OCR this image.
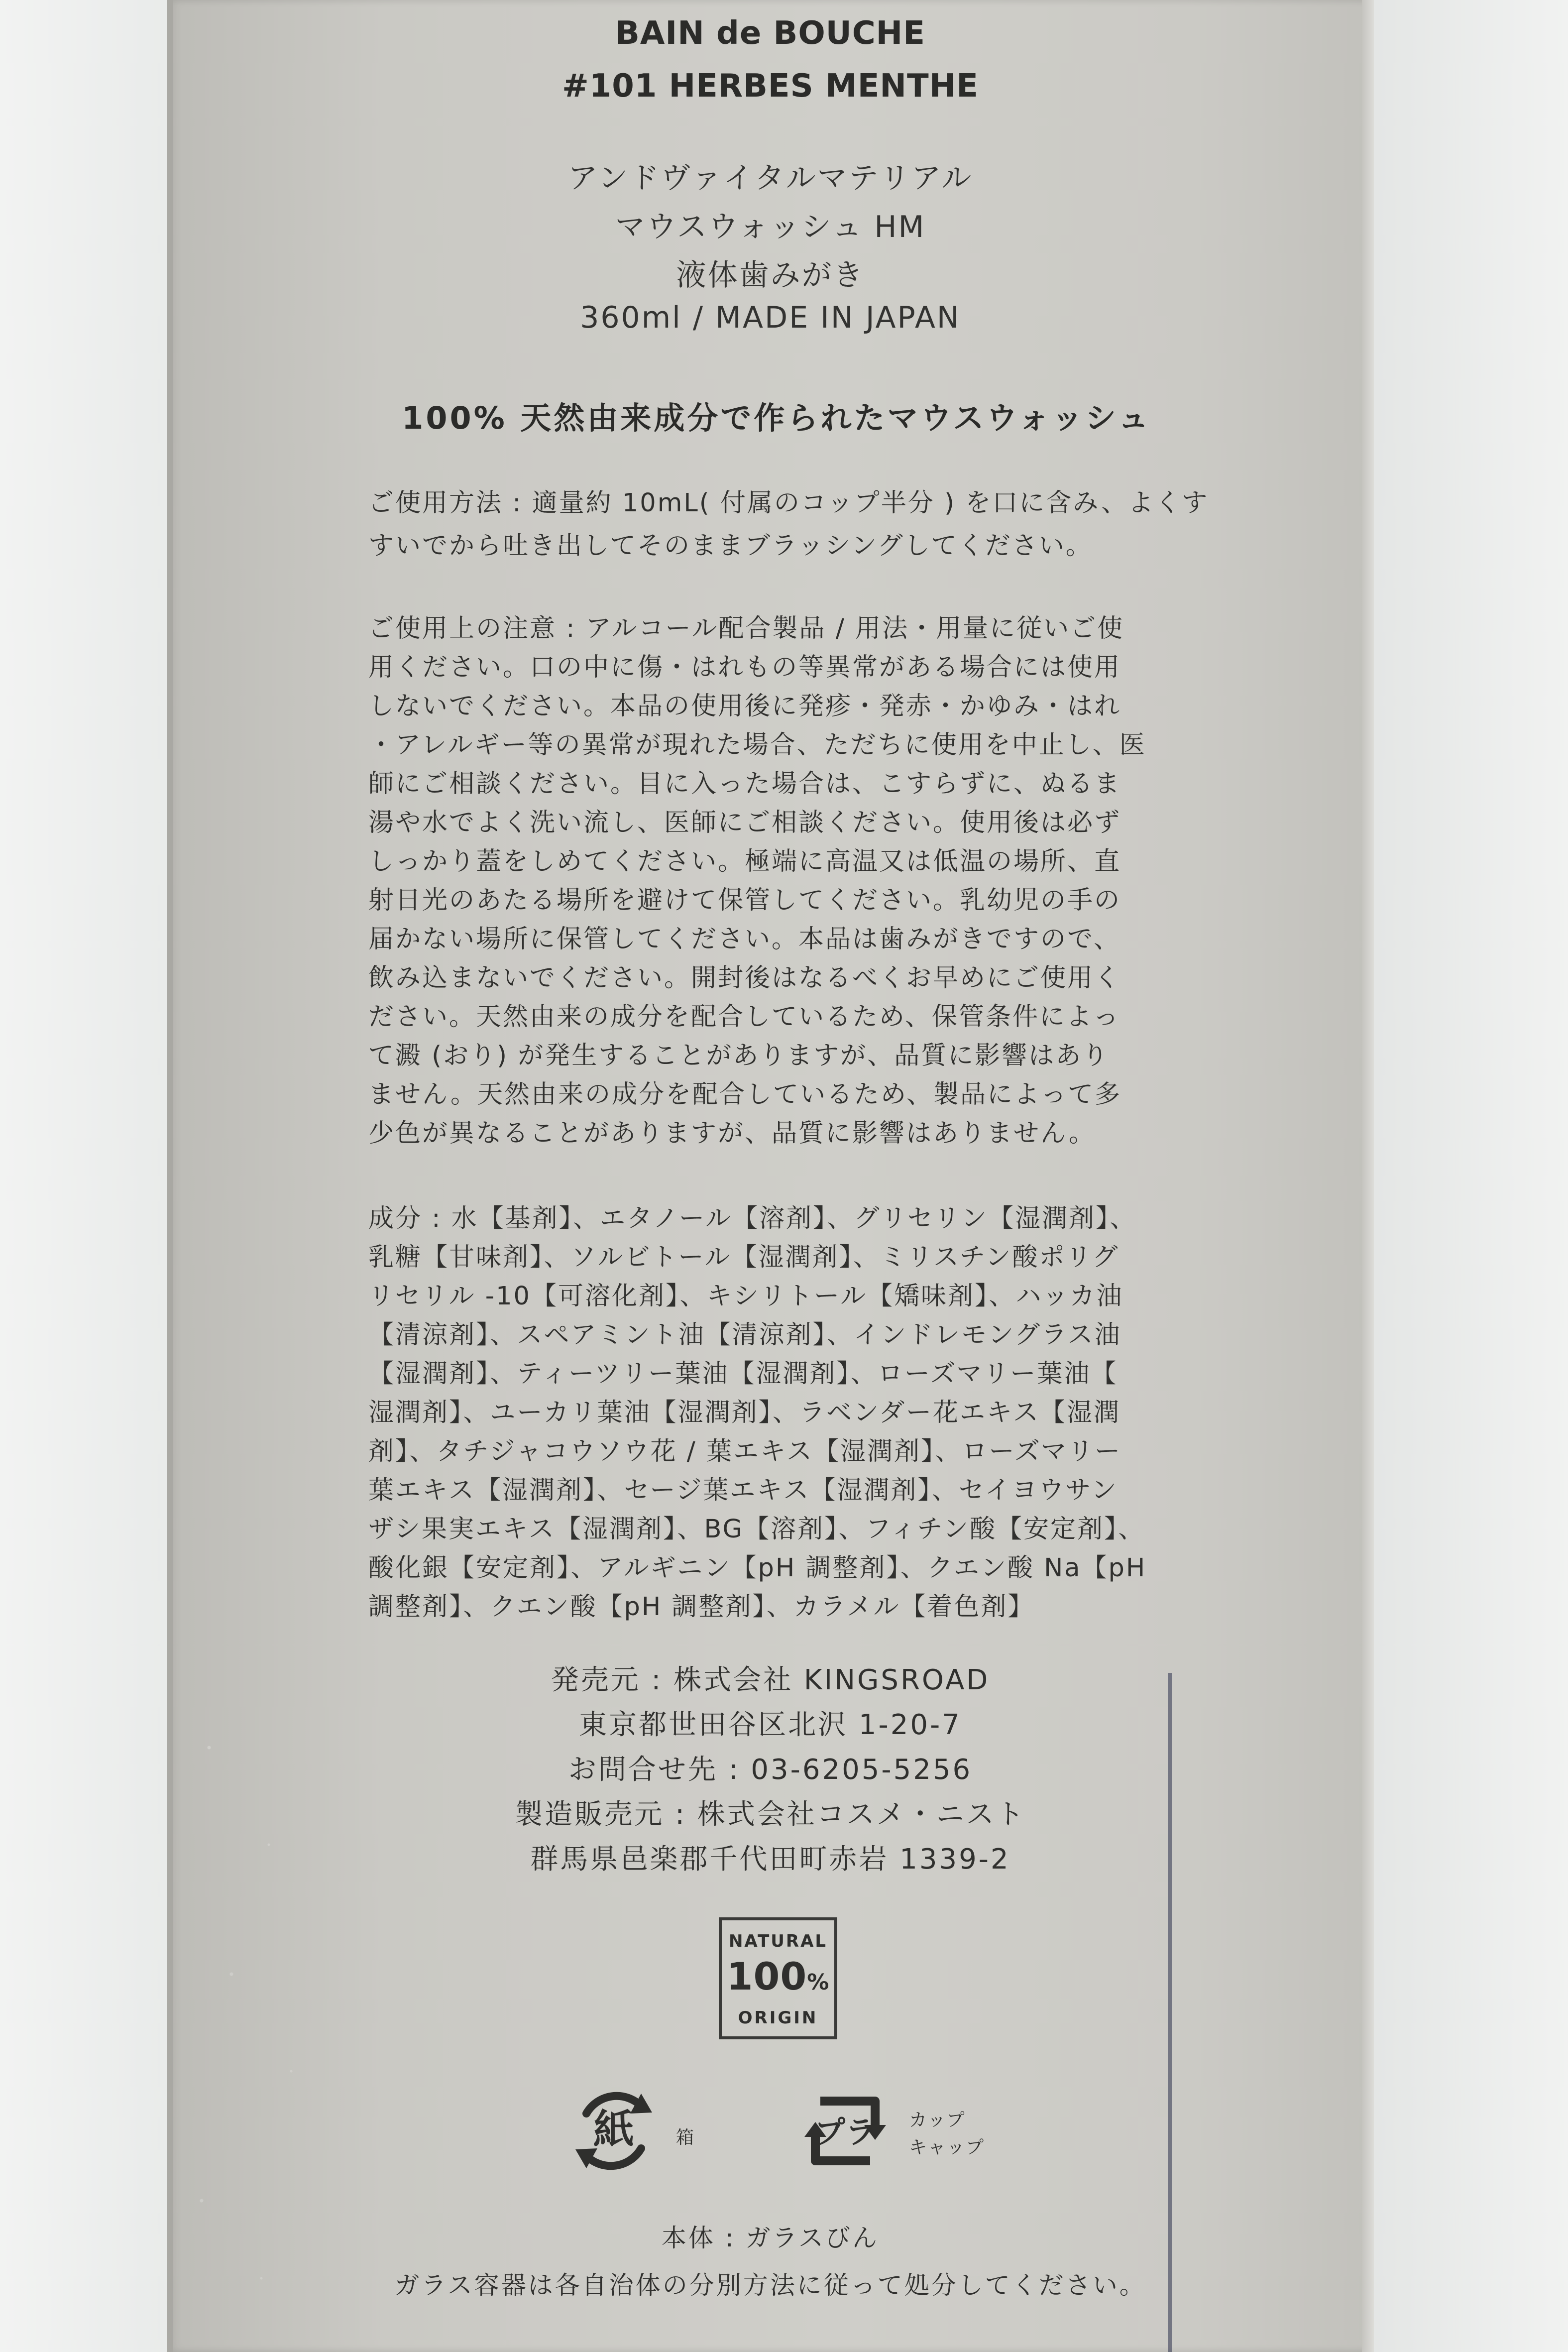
BAIN de BOUCHE
#101 HERBES MENTHE
アンドヴァイタルマテリアル
マウスウォッシュ HM
液体歯みがき
360ml / MADE IN JAPAN
100% 天然由来成分で作られたマウスウォッシュ
ご使用方法 : 適量約 10mL( 付属のコップ半分 ) を口に含み、よくす
すいでから吐き出してそのままブラッシングしてください。
ご使用上の注意 : アルコール配合製品 / 用法・用量に従いご使
用ください。口の中に傷・はれもの等異常がある場合には使用
しないでください。本品の使用後に発疹・発赤・かゆみ・はれ
・アレルギー等の異常が現れた場合、ただちに使用を中止し、医
師にご相談ください。目に入った場合は、こすらずに、ぬるま
湯や水でよく洗い流し、医師にご相談ください。使用後は必ず
しっかり蓋をしめてください。極端に高温又は低温の場所、直
射日光のあたる場所を避けて保管してください。乳幼児の手の
届かない場所に保管してください。本品は歯みがきですので、
飲み込まないでください。開封後はなるべくお早めにご使用く
ださい。天然由来の成分を配合しているため、保管条件によっ
て澱 (おり) が発生することがありますが、品質に影響はあり
ません。天然由来の成分を配合しているため、製品によって多
少色が異なることがありますが、品質に影響はありません。
成分 : 水【基剤】、エタノール【溶剤】、グリセリン【湿潤剤】、
乳糖【甘味剤】、ソルビトール【湿潤剤】、ミリスチン酸ポリグ
リセリル -10【可溶化剤】、キシリトール【矯味剤】、ハッカ油
【清涼剤】、スペアミント油【清涼剤】、インドレモングラス油
【湿潤剤】、ティーツリー葉油【湿潤剤】、ローズマリー葉油【
湿潤剤】、ユーカリ葉油【湿潤剤】、ラベンダー花エキス【湿潤
剤】、タチジャコウソウ花 / 葉エキス【湿潤剤】、ローズマリー
葉エキス【湿潤剤】、セージ葉エキス【湿潤剤】、セイヨウサン
ザシ果実エキス【湿潤剤】、BG【溶剤】、フィチン酸【安定剤】、
酸化銀【安定剤】、アルギニン【pH 調整剤】、クエン酸 Na【pH
調整剤】、クエン酸【pH 調整剤】、カラメル【着色剤】
発売元 : 株式会社 KINGSROAD
東京都世田谷区北沢 1-20-7
お問合せ先 : 03-6205-5256
製造販売元 : 株式会社コスメ・ニスト
群馬県邑楽郡千代田町赤岩 1339-2
NATURAL
100%
ORIGIN
紙 箱	プラ カップ
キャップ
本体 : ガラスびん
ガラス容器は各自治体の分別方法に従って処分してください。
